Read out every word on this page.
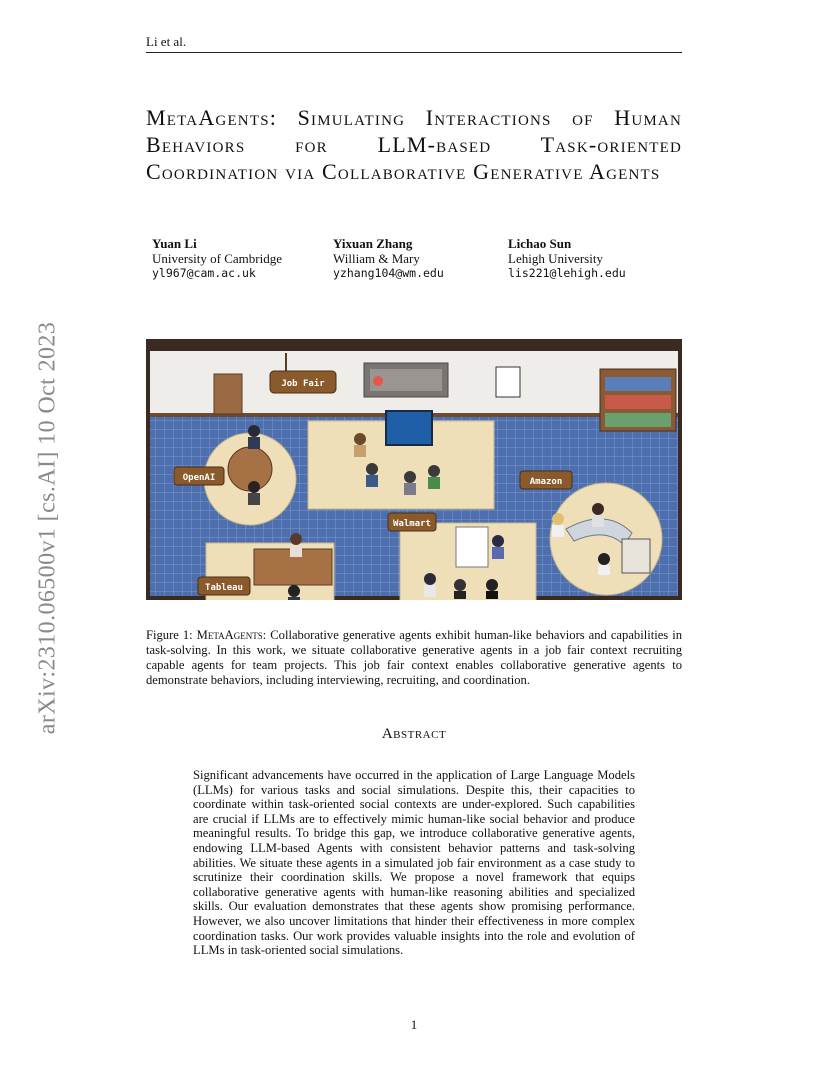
Li et al.
arXiv:2310.06500v1 [cs.AI] 10 Oct 2023
MetaAgents: Simulating Interactions of Human Behaviors for LLM-based Task-oriented Coordination via Collaborative Generative Agents
Yuan Li
University of Cambridge
yl967@cam.ac.uk
Yixuan Zhang
William & Mary
yzhang104@wm.edu
Lichao Sun
Lehigh University
lis221@lehigh.edu
Job Fair
OpenAI
Tableau
Walmart
Amazon
Figure 1: MetaAgents: Collaborative generative agents exhibit human-like behaviors and capabilities in task-solving. In this work, we situate collaborative generative agents in a job fair context recruiting capable agents for team projects. This job fair context enables collaborative generative agents to demonstrate behaviors, including interviewing, recruiting, and coordination.
Abstract
Significant advancements have occurred in the application of Large Language Models (LLMs) for various tasks and social simulations. Despite this, their capacities to coordinate within task-oriented social contexts are under-explored. Such capabilities are crucial if LLMs are to effectively mimic human-like social behavior and produce meaningful results. To bridge this gap, we introduce collaborative generative agents, endowing LLM-based Agents with consistent behavior patterns and task-solving abilities. We situate these agents in a simulated job fair environment as a case study to scrutinize their coordination skills. We propose a novel framework that equips collaborative generative agents with human-like reasoning abilities and specialized skills. Our evaluation demonstrates that these agents show promising performance. However, we also uncover limitations that hinder their effectiveness in more complex coordination tasks. Our work provides valuable insights into the role and evolution of LLMs in task-oriented social simulations.
1
